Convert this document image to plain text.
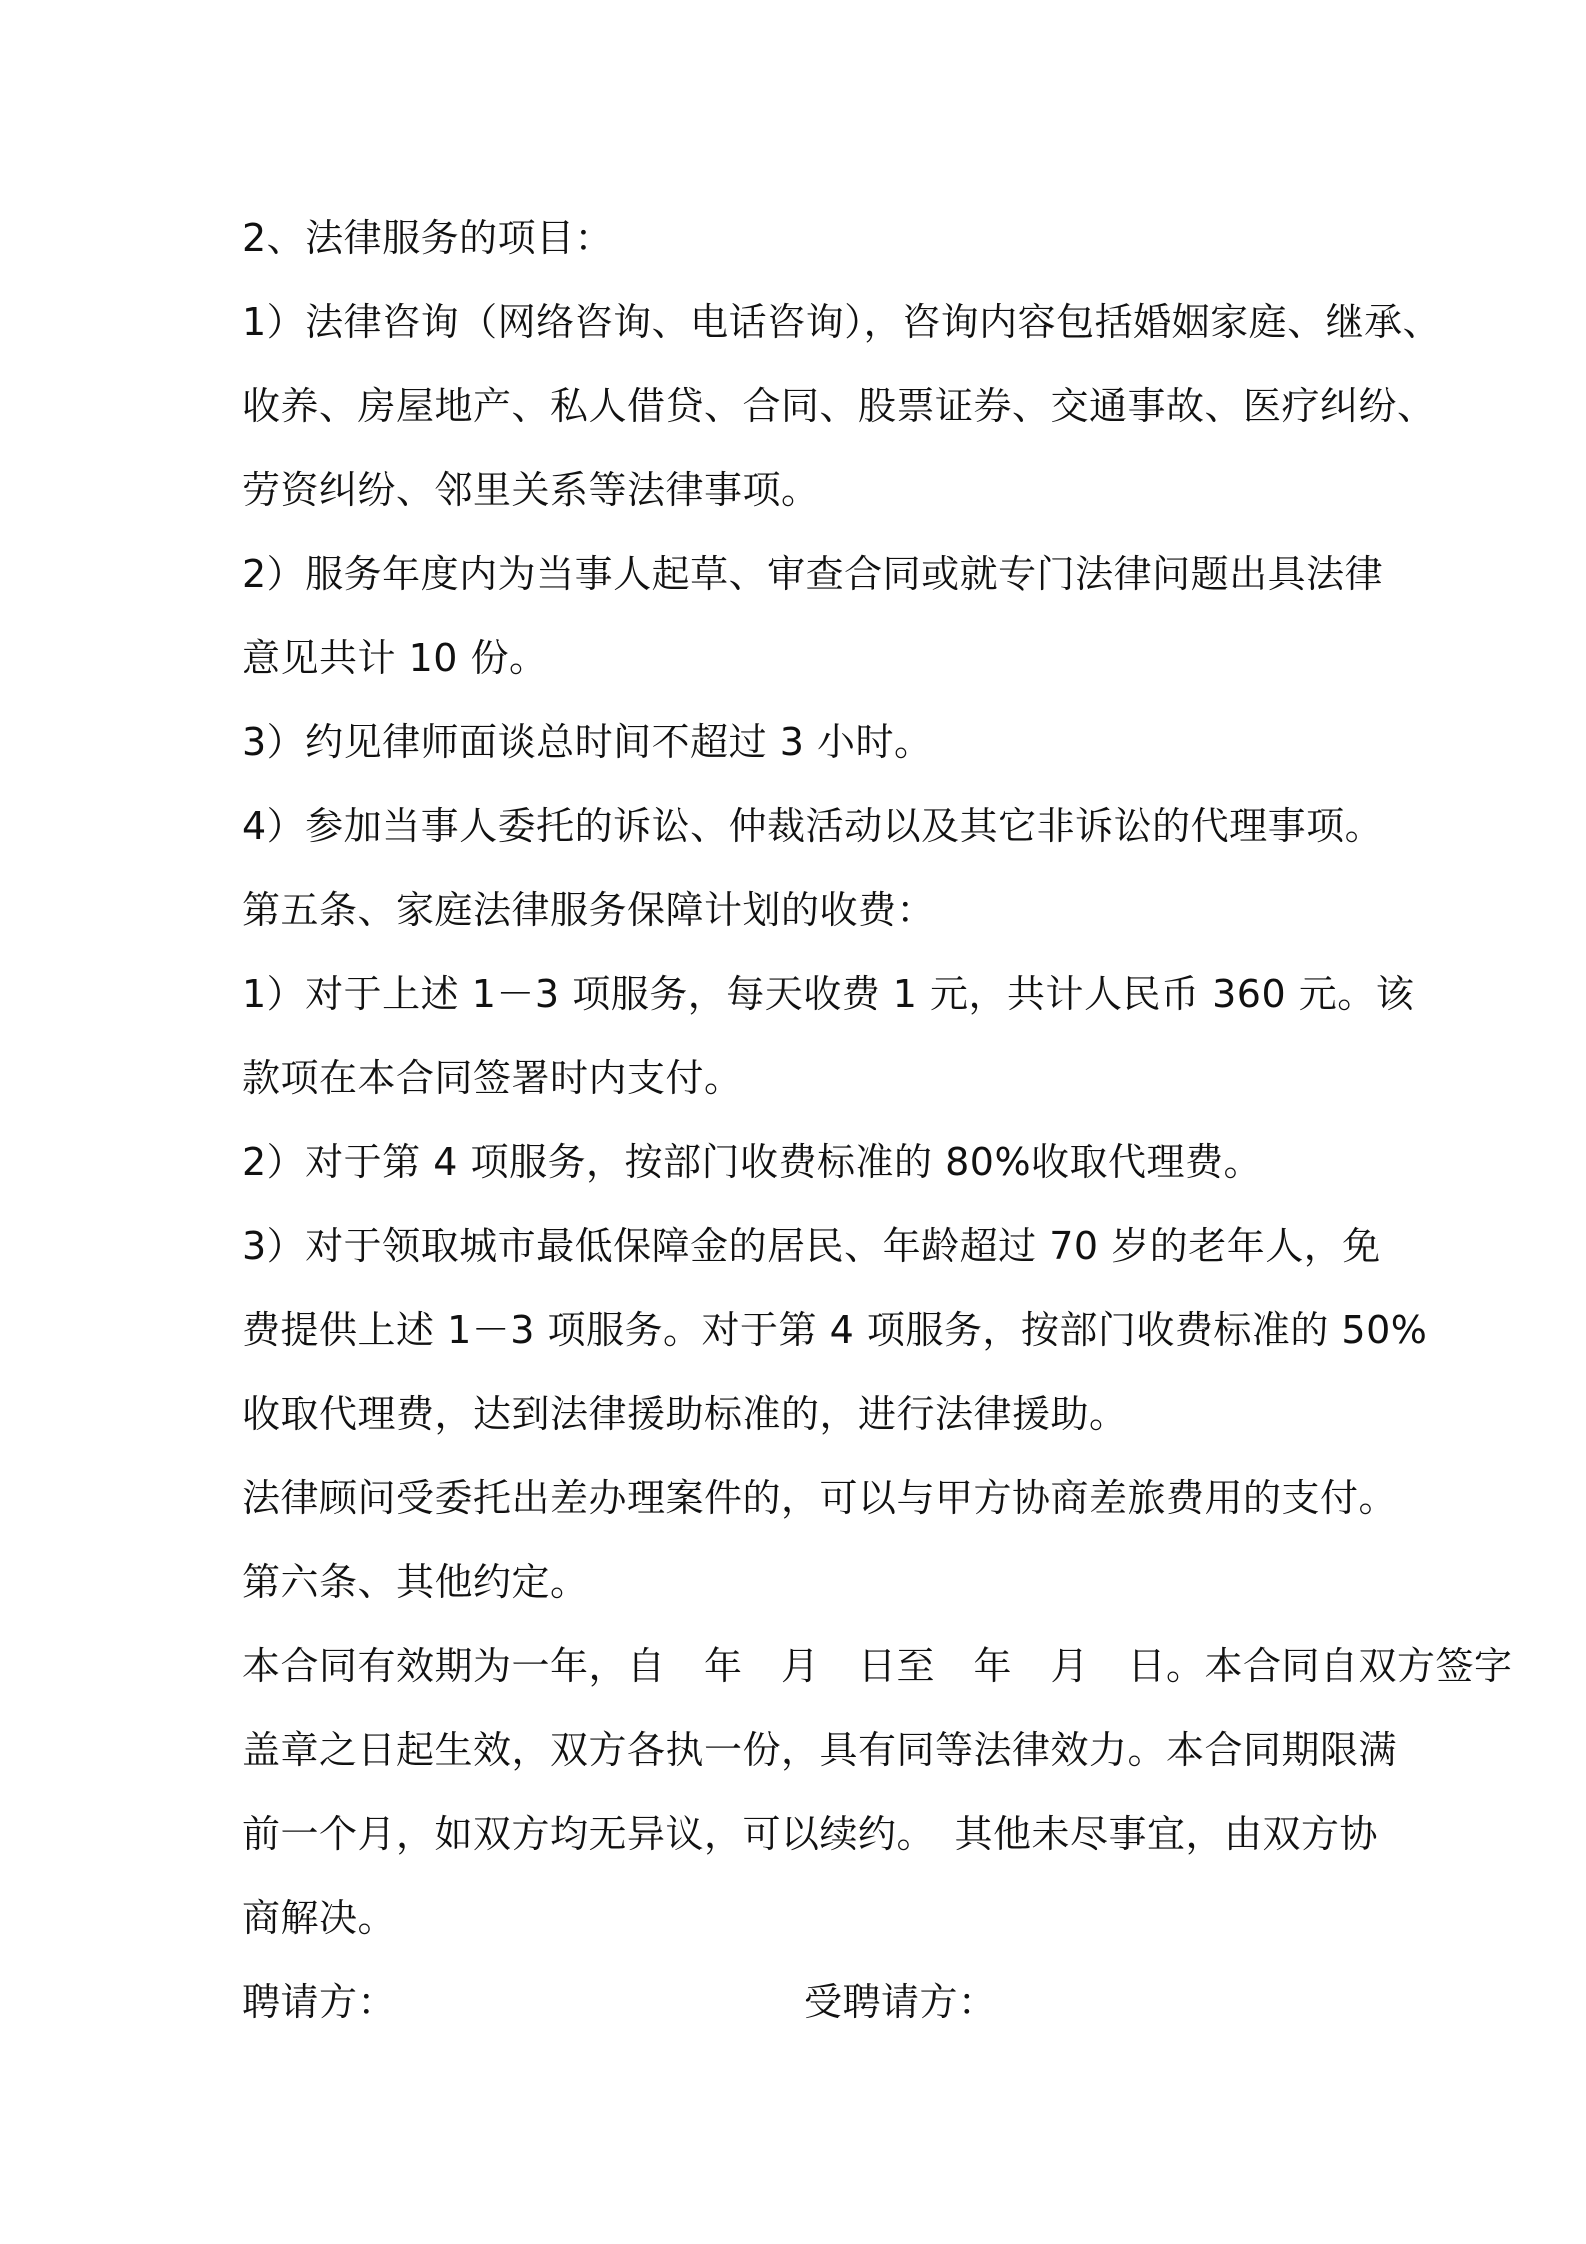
2、法律服务的项目：
1）法律咨询（网络咨询、电话咨询），咨询内容包括婚姻家庭、继承、
收养、房屋地产、私人借贷、合同、股票证券、交通事故、医疗纠纷、
劳资纠纷、邻里关系等法律事项。
2）服务年度内为当事人起草、审查合同或就专门法律问题出具法律
意见共计 10 份。
3）约见律师面谈总时间不超过 3 小时。
4）参加当事人委托的诉讼、仲裁活动以及其它非诉讼的代理事项。
第五条、家庭法律服务保障计划的收费：
1）对于上述 1－3 项服务，每天收费 1 元，共计人民币 360 元。该
款项在本合同签署时内支付。
2）对于第 4 项服务，按部门收费标准的 80%收取代理费。
3）对于领取城市最低保障金的居民、年龄超过 70 岁的老年人，免
费提供上述 1－3 项服务。对于第 4 项服务，按部门收费标准的 50%
收取代理费，达到法律援助标准的，进行法律援助。
法律顾问受委托出差办理案件的，可以与甲方协商差旅费用的支付。
第六条、其他约定。
本合同有效期为一年，自　年　月　日至　年　月　日。本合同自双方签字
盖章之日起生效，双方各执一份，具有同等法律效力。本合同期限满
前一个月，如双方均无异议，可以续约。　其他未尽事宜，由双方协
商解决。
聘请方：	受聘请方：
